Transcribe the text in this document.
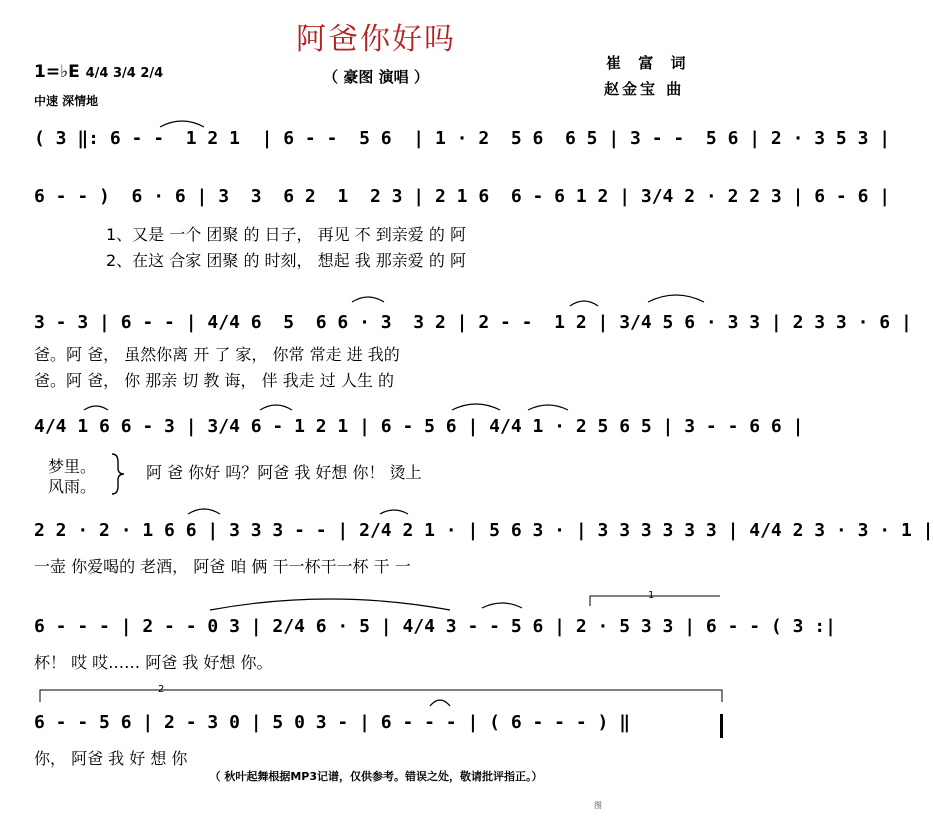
阿爸你好吗
（ 豪图 演唱 ）
崔 富 词
赵金宝 曲
1=♭E 4/4 3/4 2/4
中速 深情地
( 3 ‖: 6 - -  1 2 1  | 6 - -  5 6  | 1 · 2  5 6  6 5 | 3 - -  5 6 | 2 · 3 5 3 |
6 - - )  6 · 6 | 3  3  6 2  1  2 3 | 2 1 6  6 - 6 1 2 | 3/4 2 · 2 2 3 | 6 - 6 |
1、又是 一个 团聚 的 日子， 再见 不 到亲爱 的 阿
2、在这 合家 团聚 的 时刻， 想起 我 那亲爱 的 阿
3 - 3 | 6 - - | 4/4 6  5  6 6 · 3  3 2 | 2 - -  1 2 | 3/4 5 6 · 3 3 | 2 3 3 · 6 |
爸。阿 爸， 虽然你离 开 了 家， 你常 常走 进 我的
爸。阿 爸， 你 那亲 切 教 诲， 伴 我走 过 人生 的
4/4 1 6 6 - 3 | 3/4 6 - 1 2 1 | 6 - 5 6 | 4/4 1 · 2 5 6 5 | 3 - - 6 6 |
梦里。
风雨。
阿 爸 你好 吗？阿爸 我 好想 你！ 烫上
2 2 · 2 · 1 6 6 | 3 3 3 - - | 2/4 2 1 · | 5 6 3 · | 3 3 3 3 3 3 | 4/4 2 3 · 3 · 1 |
一壶 你爱喝的 老酒， 阿爸 咱 俩 干一杯干一杯 干 一
6 - - - | 2 - - 0 3 | 2/4 6 · 5 | 4/4 3 - - 5 6 | 2 · 5 3 3 | 6 - - ( 3 :|
杯！ 哎 哎…… 阿爸 我 好想 你。
6 - - 5 6 | 2 - 3 0 | 5 0 3 - | 6 - - - | ( 6 - - - ) ‖
你， 阿爸 我 好 想 你
1
2
（ 秋叶起舞根据MP3记谱，仅供参考。错误之处，敬请批评指正。）
图
